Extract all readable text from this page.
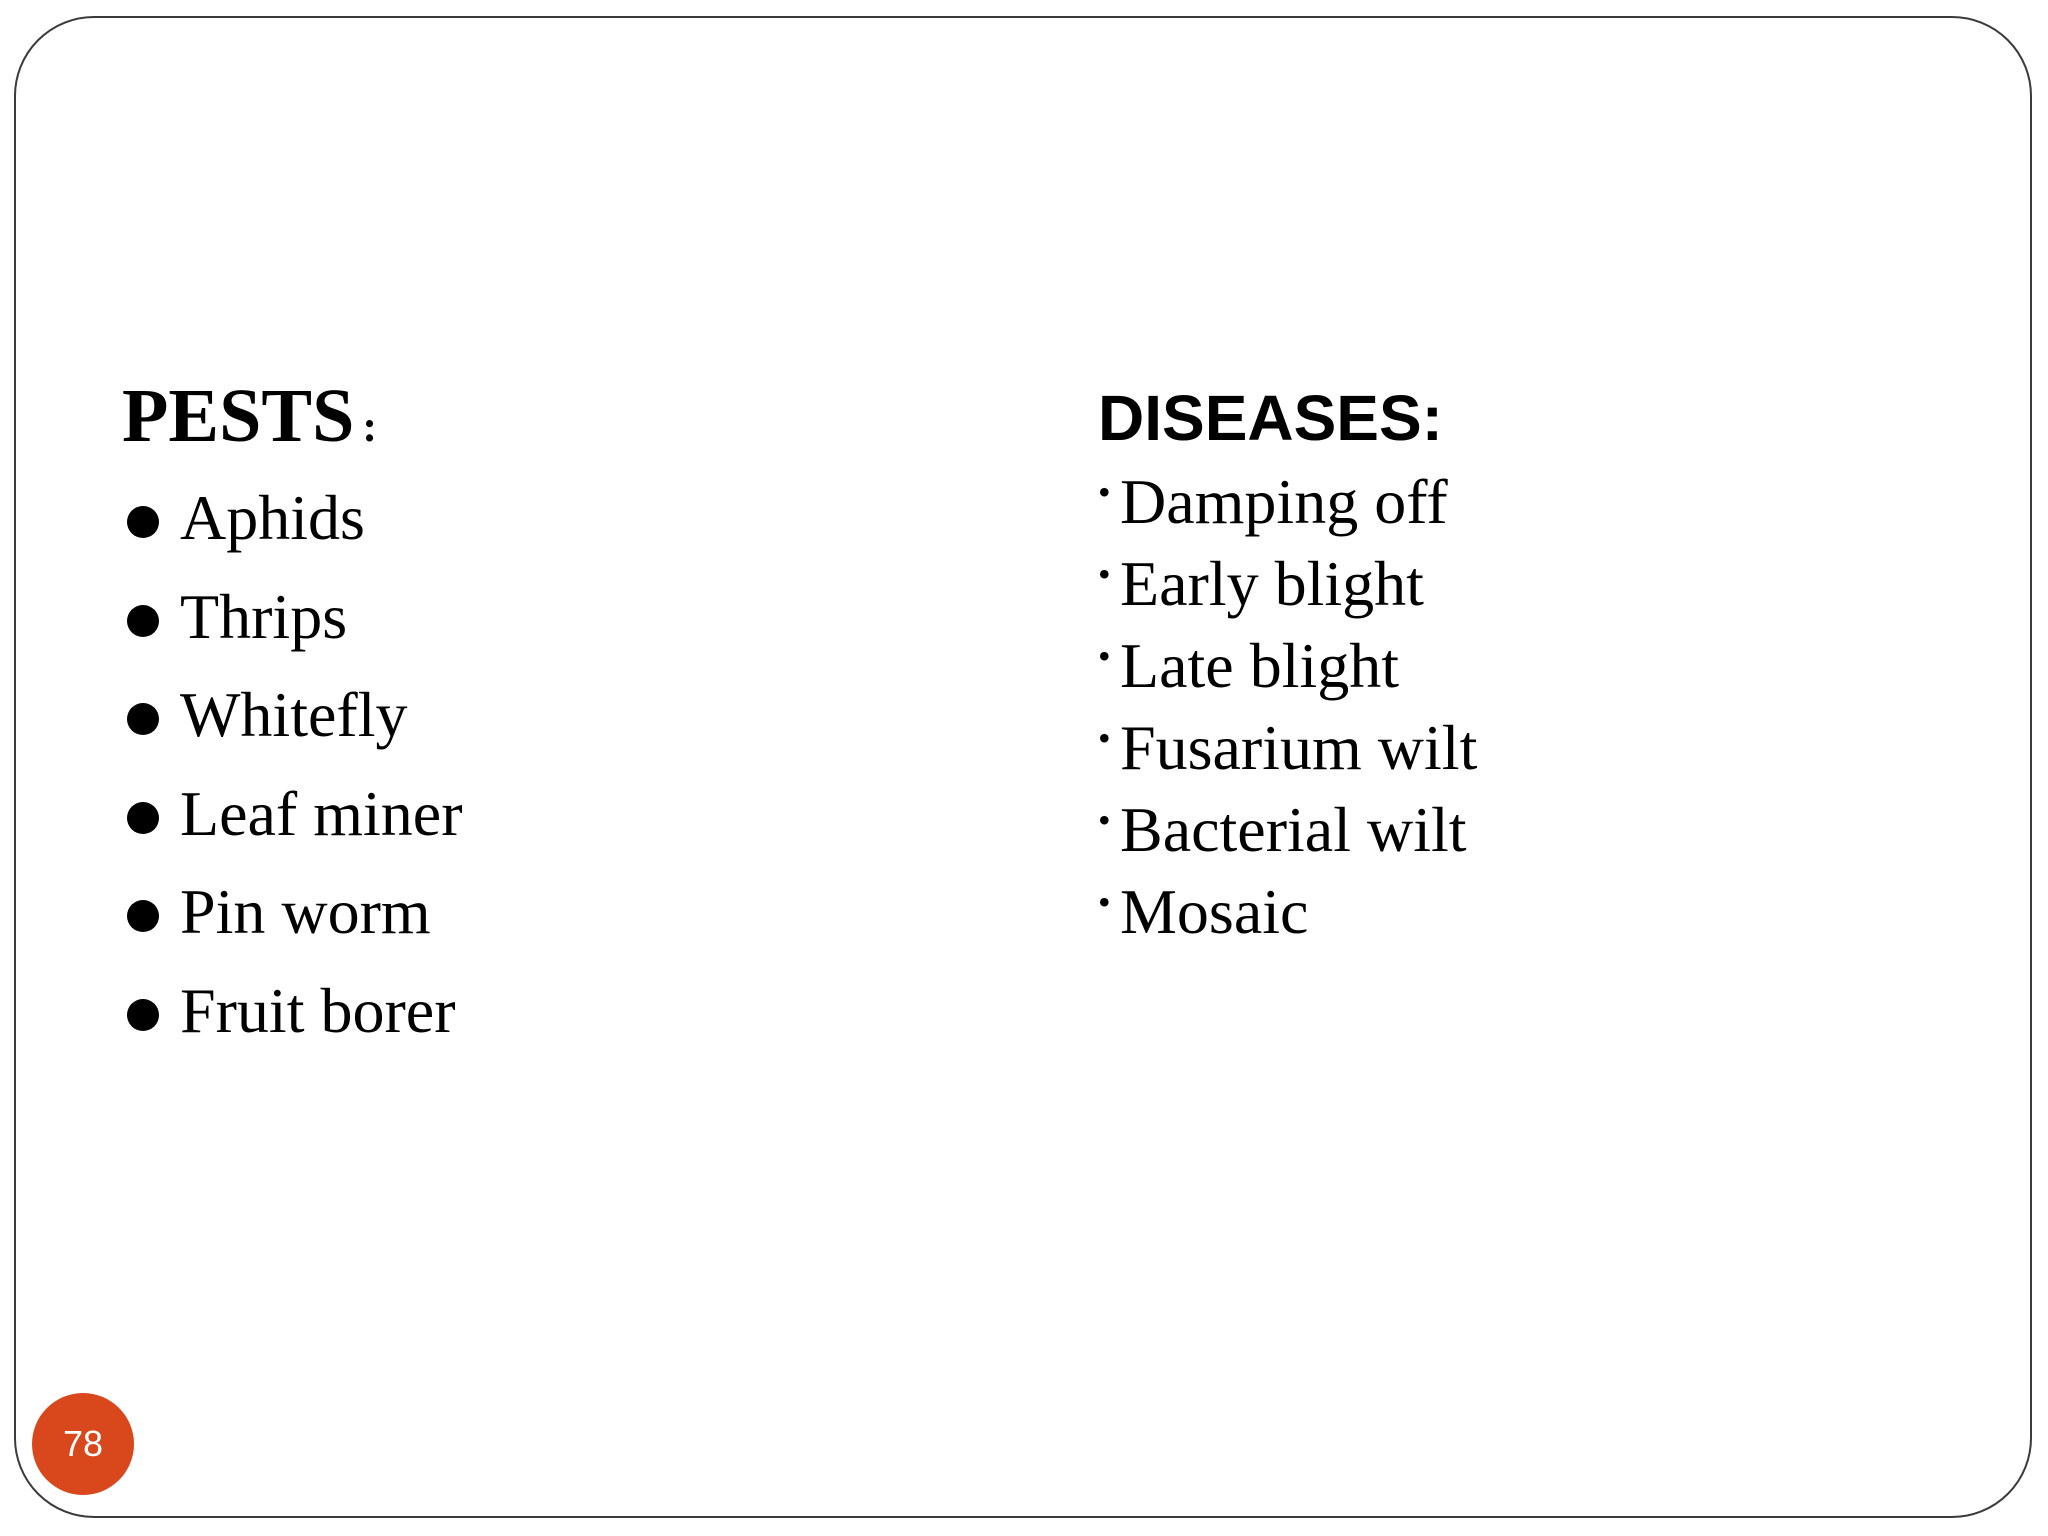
PESTS :
Aphids
Thrips
Whitefly
Leaf miner
Pin worm
Fruit borer
DISEASES:
• Damping off
• Early blight
• Late blight
• Fusarium wilt
• Bacterial wilt
• Mosaic
78
